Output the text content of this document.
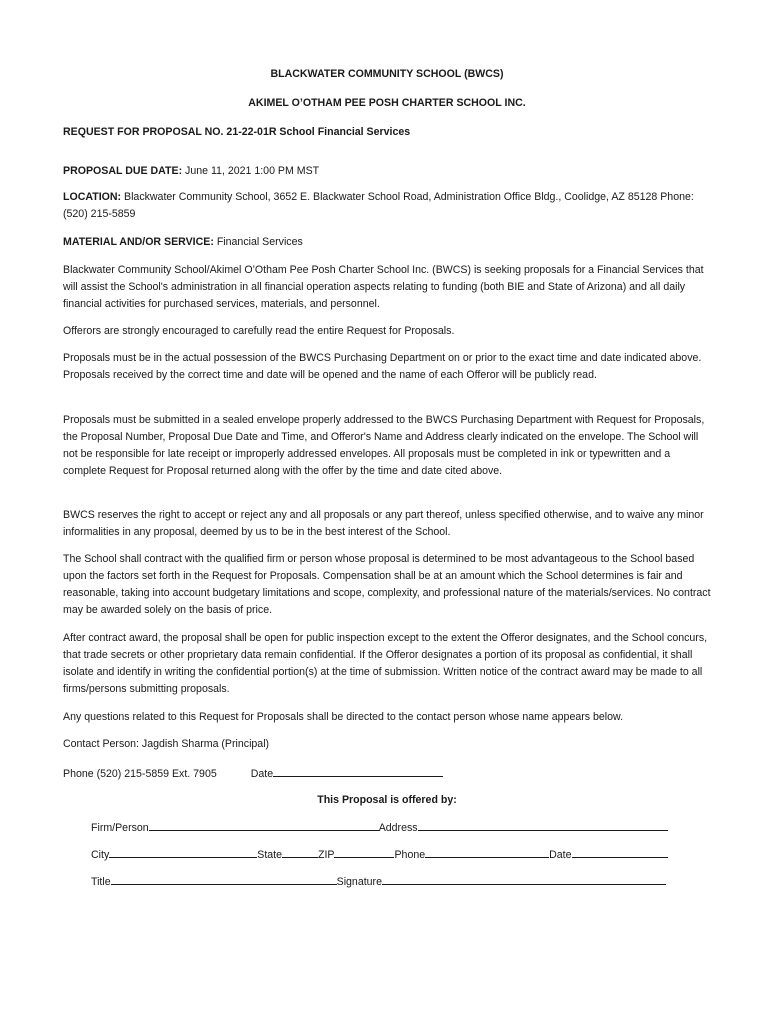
BLACKWATER COMMUNITY SCHOOL (BWCS)
AKIMEL O’OTHAM PEE POSH CHARTER SCHOOL INC.
REQUEST FOR PROPOSAL NO. 21-22-01R School Financial Services
PROPOSAL DUE DATE: June 11, 2021 1:00 PM MST
LOCATION: Blackwater Community School, 3652 E. Blackwater School Road, Administration Office Bldg., Coolidge, AZ 85128 Phone: (520) 215-5859
MATERIAL AND/OR SERVICE: Financial Services

Blackwater Community School/Akimel O’Otham Pee Posh Charter School Inc. (BWCS) is seeking proposals for a Financial Services that will assist the School's administration in all financial operation aspects relating to funding (both BIE and State of Arizona) and all daily financial activities for purchased services, materials, and personnel.

Offerors are strongly encouraged to carefully read the entire Request for Proposals.

Proposals must be in the actual possession of the BWCS Purchasing Department on or prior to the exact time and date indicated above. Proposals received by the correct time and date will be opened and the name of each Offeror will be publicly read.

Proposals must be submitted in a sealed envelope properly addressed to the BWCS Purchasing Department with Request for Proposals, the Proposal Number, Proposal Due Date and Time, and Offeror's Name and Address clearly indicated on the envelope. The School will not be responsible for late receipt or improperly addressed envelopes. All proposals must be completed in ink or typewritten and a complete Request for Proposal returned along with the offer by the time and date cited above.

BWCS reserves the right to accept or reject any and all proposals or any part thereof, unless specified otherwise, and to waive any minor informalities in any proposal, deemed by us to be in the best interest of the School.

The School shall contract with the qualified firm or person whose proposal is determined to be most advantageous to the School based upon the factors set forth in the Request for Proposals. Compensation shall be at an amount which the School determines is fair and reasonable, taking into account budgetary limitations and scope, complexity, and professional nature of the materials/services. No contract may be awarded solely on the basis of price.

After contract award, the proposal shall be open for public inspection except to the extent the Offeror designates, and the School concurs, that trade secrets or other proprietary data remain confidential. If the Offeror designates a portion of its proposal as confidential, it shall isolate and identify in writing the confidential portion(s) at the time of submission. Written notice of the contract award may be made to all firms/persons submitting proposals.

Any questions related to this Request for Proposals shall be directed to the contact person whose name appears below.

Contact Person: Jagdish Sharma (Principal)

Phone (520) 215-5859 Ext. 7905	Date
This Proposal is offered by:
Firm/Person	Address
City	State	ZIP	Phone	Date
Title	Signature
